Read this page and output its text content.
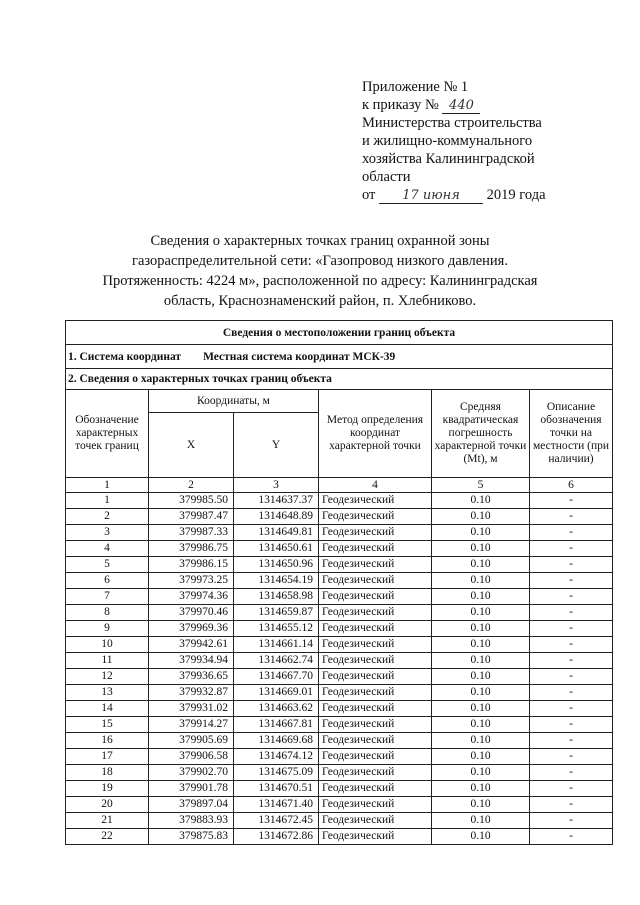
Приложение № 1
к приказу № 440
Министерства строительства
и жилищно-коммунального
хозяйства Калининградской
области
от 17 июня 2019 года
Сведения о характерных точках границ охранной зоны
газораспределительной сети: «Газопровод низкого давления.
Протяженность: 4224 м», расположенной по адресу: Калининградская
область, Краснознаменский район, п. Хлебниково.
Сведения о местоположении границ объекта					
1. Система координат Местная система координат МСК-39					
2. Сведения о характерных точках границ объекта					
Обозначение характерных точек границ	Координаты, м		Метод определения координат характерной точки	Средняя квадратическая погрешность характерной точки (Mt), м	Описание обозначения точки на местности (при наличии)
	X	Y			
1	2	3	4	5	6
1	379985.50	1314637.37	Геодезический	0.10	-
2	379987.47	1314648.89	Геодезический	0.10	-
3	379987.33	1314649.81	Геодезический	0.10	-
4	379986.75	1314650.61	Геодезический	0.10	-
5	379986.15	1314650.96	Геодезический	0.10	-
6	379973.25	1314654.19	Геодезический	0.10	-
7	379974.36	1314658.98	Геодезический	0.10	-
8	379970.46	1314659.87	Геодезический	0.10	-
9	379969.36	1314655.12	Геодезический	0.10	-
10	379942.61	1314661.14	Геодезический	0.10	-
11	379934.94	1314662.74	Геодезический	0.10	-
12	379936.65	1314667.70	Геодезический	0.10	-
13	379932.87	1314669.01	Геодезический	0.10	-
14	379931.02	1314663.62	Геодезический	0.10	-
15	379914.27	1314667.81	Геодезический	0.10	-
16	379905.69	1314669.68	Геодезический	0.10	-
17	379906.58	1314674.12	Геодезический	0.10	-
18	379902.70	1314675.09	Геодезический	0.10	-
19	379901.78	1314670.51	Геодезический	0.10	-
20	379897.04	1314671.40	Геодезический	0.10	-
21	379883.93	1314672.45	Геодезический	0.10	-
22	379875.83	1314672.86	Геодезический	0.10	-
